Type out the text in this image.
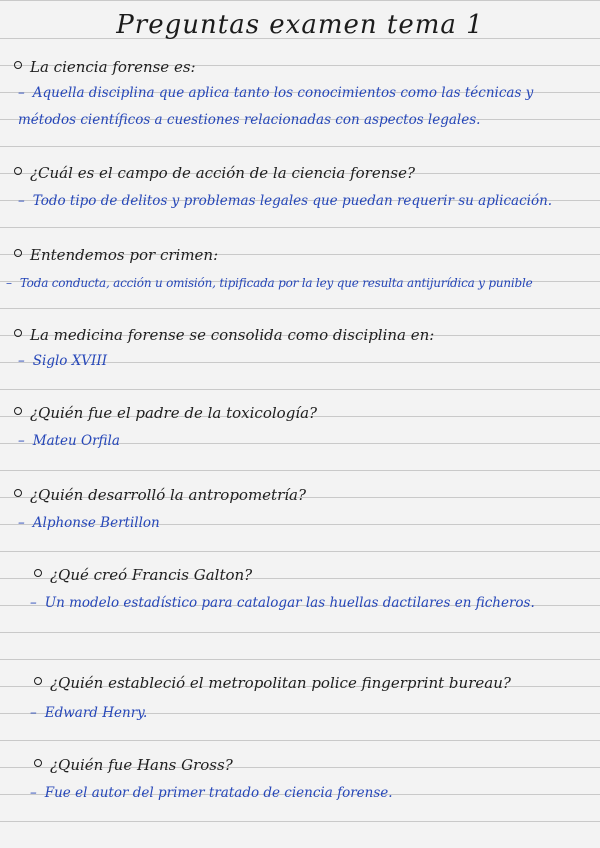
Preguntas examen tema 1
La ciencia forense es:
– Aquella disciplina que aplica tanto los conocimientos como las técnicas y métodos científicos a cuestiones relacionadas con aspectos legales.
¿Cuál es el campo de acción de la ciencia forense?
– Todo tipo de delitos y problemas legales que puedan requerir su aplicación.
Entendemos por crimen:
– Toda conducta, acción u omisión, tipificada por la ley que resulta antijurídica y punible
La medicina forense se consolida como disciplina en:
– Siglo XVIII
¿Quién fue el padre de la toxicología?
– Mateu Orfila
¿Quién desarrolló la antropometría?
– Alphonse Bertillon
¿Qué creó Francis Galton?
– Un modelo estadístico para catalogar las huellas dactilares en ficheros.
¿Quién estableció el metropolitan police fingerprint bureau?
– Edward Henry.
¿Quién fue Hans Gross?
– Fue el autor del primer tratado de ciencia forense.
